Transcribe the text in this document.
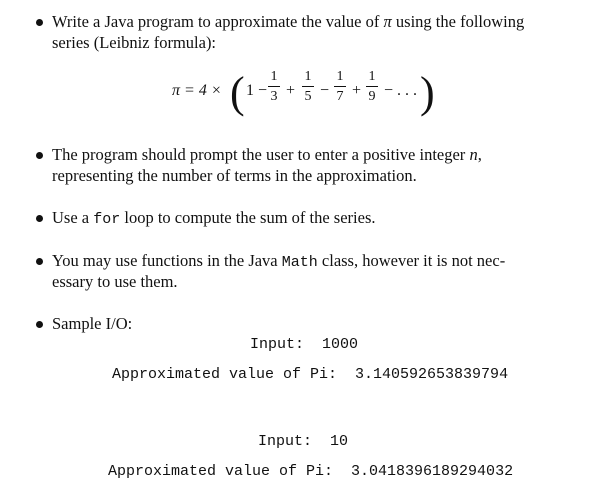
Write a Java program to approximate the value of π using the following
series (Leibniz formula):
π = 4 × ( 1 −
1
3 +
1
5 −
1
7 +
1
9 − . . . )
The program should prompt the user to enter a positive integer n,
representing the number of terms in the approximation.
Use a for loop to compute the sum of the series.
You may use functions in the Java Math class, however it is not nec-
essary to use them.
Sample I/O:
Input:  1000
Approximated value of Pi:  3.140592653839794
Input:  10
Approximated value of Pi:  3.0418396189294032
